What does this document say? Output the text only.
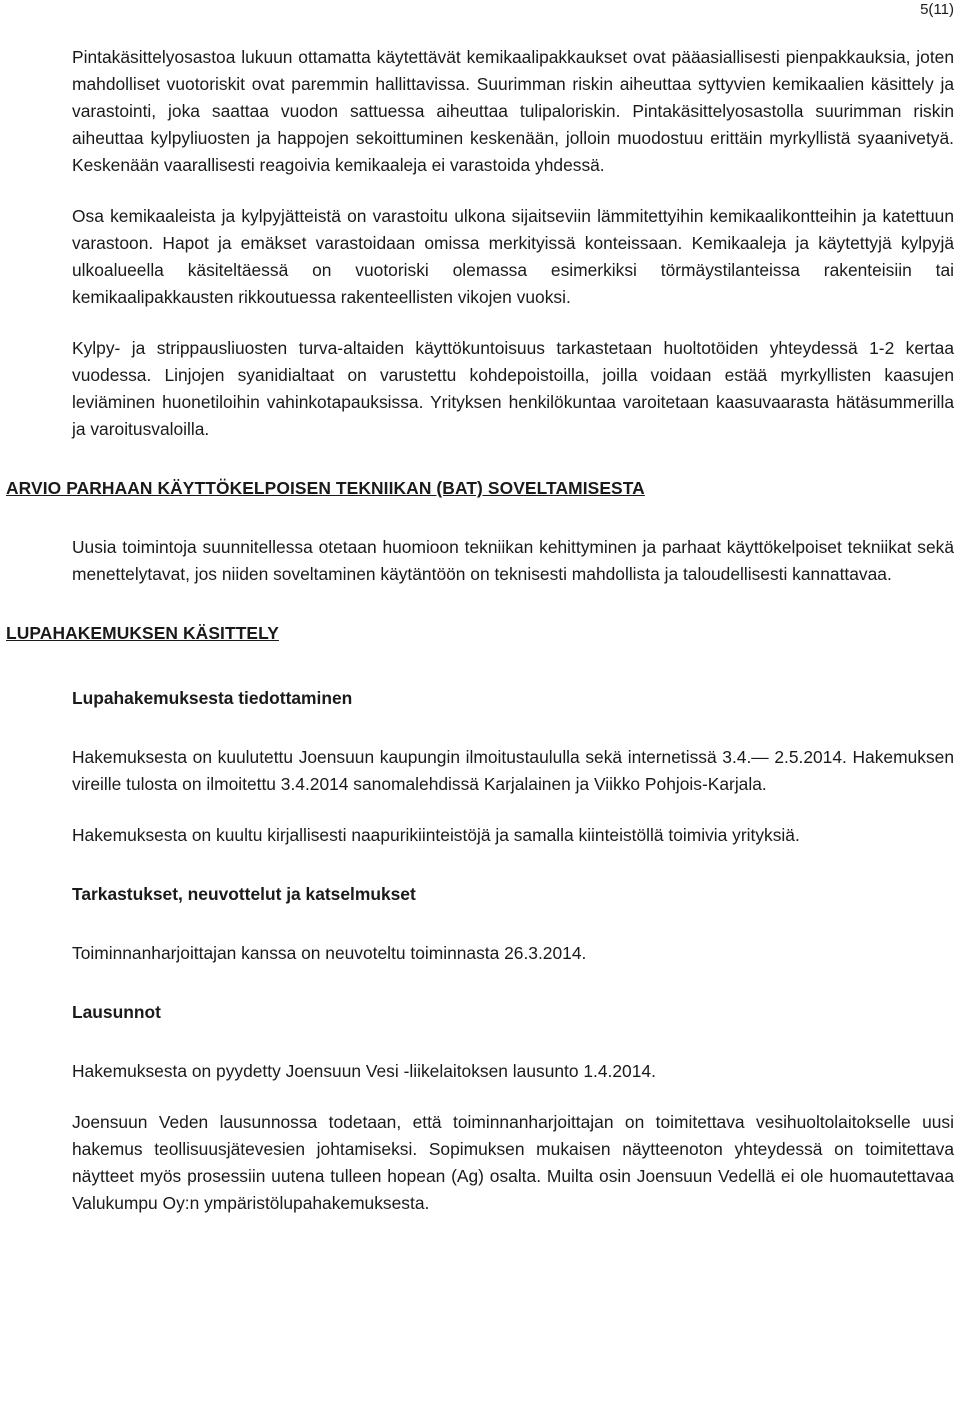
5(11)

Pintakäsittelyosastoa lukuun ottamatta käytettävät kemikaalipakkaukset ovat pääasiallisesti pienpakkauksia, joten mahdolliset vuotoriskit ovat paremmin hallittavissa. Suurimman riskin aiheuttaa syttyvien kemikaalien käsittely ja varastointi, joka saattaa vuodon sattuessa aiheuttaa tulipaloriskin. Pintakäsittelyosastolla suurimman riskin aiheuttaa kylpyliuosten ja happojen sekoittuminen keskenään, jolloin muodostuu erittäin myrkyllistä syaanivetyä. Keskenään vaarallisesti reagoivia kemikaaleja ei varastoida yhdessä.

Osa kemikaaleista ja kylpyjätteistä on varastoitu ulkona sijaitseviin lämmitettyihin kemikaalikontteihin ja katettuun varastoon. Hapot ja emäkset varastoidaan omissa merkityissä konteissaan. Kemikaaleja ja käytettyjä kylpyjä ulkoalueella käsiteltäessä on vuotoriski olemassa esimerkiksi törmäystilanteissa rakenteisiin tai kemikaalipakkausten rikkoutuessa rakenteellisten vikojen vuoksi.

Kylpy- ja strippausliuosten turva-altaiden käyttökuntoisuus tarkastetaan huoltotöiden yhteydessä 1-2 kertaa vuodessa. Linjojen syanidialtaat on varustettu kohdepoistoilla, joilla voidaan estää myrkyllisten kaasujen leviäminen huonetiloihin vahinkotapauksissa. Yrityksen henkilökuntaa varoitetaan kaasuvaarasta hätäsummerilla ja varoitusvaloilla.

ARVIO PARHAAN KÄYTTÖKELPOISEN TEKNIIKAN (BAT) SOVELTAMISESTA

Uusia toimintoja suunnitellessa otetaan huomioon tekniikan kehittyminen ja parhaat käyttökelpoiset tekniikat sekä menettelytavat, jos niiden soveltaminen käytäntöön on teknisesti mahdollista ja taloudellisesti kannattavaa.

LUPAHAKEMUKSEN KÄSITTELY
Lupahakemuksesta tiedottaminen

Hakemuksesta on kuulutettu Joensuun kaupungin ilmoitustaululla sekä internetissä 3.4.— 2.5.2014. Hakemuksen vireille tulosta on ilmoitettu 3.4.2014 sanomalehdissä Karjalainen ja Viikko Pohjois-Karjala.

Hakemuksesta on kuultu kirjallisesti naapurikiinteistöjä ja samalla kiinteistöllä toimivia yrityksiä.

Tarkastukset, neuvottelut ja katselmukset

Toiminnanharjoittajan kanssa on neuvoteltu toiminnasta 26.3.2014.

Lausunnot

Hakemuksesta on pyydetty Joensuun Vesi -liikelaitoksen lausunto 1.4.2014.

Joensuun Veden lausunnossa todetaan, että toiminnanharjoittajan on toimitettava vesihuoltolaitokselle uusi hakemus teollisuusjätevesien johtamiseksi. Sopimuksen mukaisen näytteenoton yhteydessä on toimitettava näytteet myös prosessiin uutena tulleen hopean (Ag) osalta. Muilta osin Joensuun Vedellä ei ole huomautettavaa Valukumpu Oy:n ympäristölupahakemuksesta.
